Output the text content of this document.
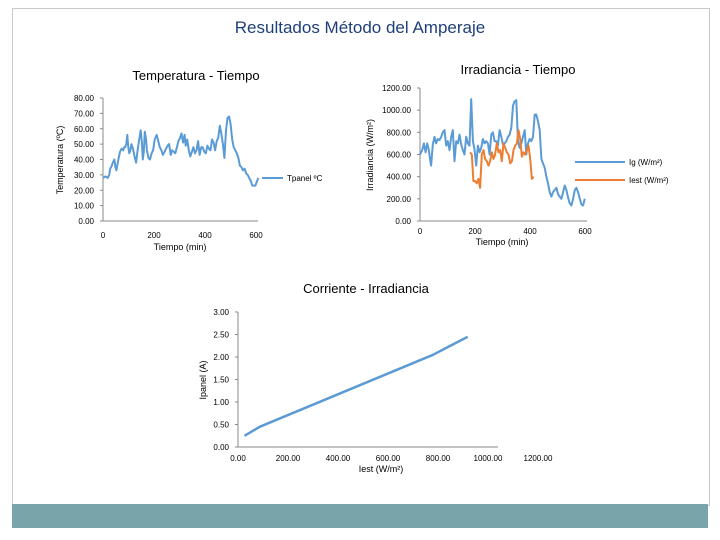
Resultados Método del Amperaje
Temperatura - Tiempo
0.00
10.00
20.00
30.00
40.00
50.00
60.00
70.00
80.00
0	200	400	600
Tiempo (min)
Temperatura (ºC)	Tpanel ºC
Irradiancia - Tiempo
0.00
200.00
400.00
600.00
800.00
1000.00
1200.00
0	200	400	600
Tiempo (min)
Irradiancia (W/m²)	Ig (W/m²)
Iest (W/m²)
Corriente - Irradiancia
0.00
0.50
1.00
1.50
2.00
2.50
3.00
0.00	200.00	400.00	600.00	800.00	1000.00	1200.00
Iest (W/m²)
Ipanel (A)
